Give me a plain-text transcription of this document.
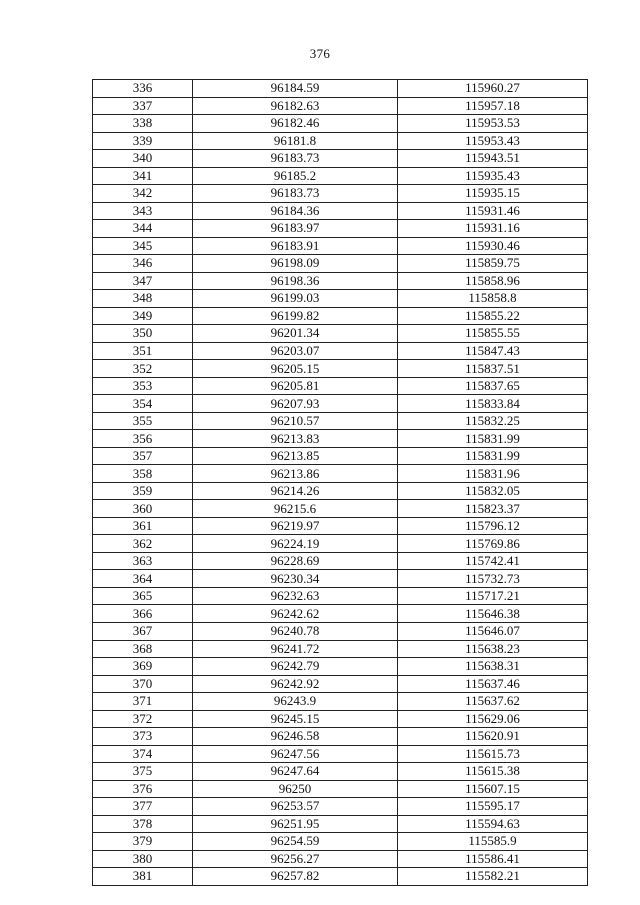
376
336	96184.59	115960.27
337	96182.63	115957.18
338	96182.46	115953.53
339	96181.8	115953.43
340	96183.73	115943.51
341	96185.2	115935.43
342	96183.73	115935.15
343	96184.36	115931.46
344	96183.97	115931.16
345	96183.91	115930.46
346	96198.09	115859.75
347	96198.36	115858.96
348	96199.03	115858.8
349	96199.82	115855.22
350	96201.34	115855.55
351	96203.07	115847.43
352	96205.15	115837.51
353	96205.81	115837.65
354	96207.93	115833.84
355	96210.57	115832.25
356	96213.83	115831.99
357	96213.85	115831.99
358	96213.86	115831.96
359	96214.26	115832.05
360	96215.6	115823.37
361	96219.97	115796.12
362	96224.19	115769.86
363	96228.69	115742.41
364	96230.34	115732.73
365	96232.63	115717.21
366	96242.62	115646.38
367	96240.78	115646.07
368	96241.72	115638.23
369	96242.79	115638.31
370	96242.92	115637.46
371	96243.9	115637.62
372	96245.15	115629.06
373	96246.58	115620.91
374	96247.56	115615.73
375	96247.64	115615.38
376	96250	115607.15
377	96253.57	115595.17
378	96251.95	115594.63
379	96254.59	115585.9
380	96256.27	115586.41
381	96257.82	115582.21
